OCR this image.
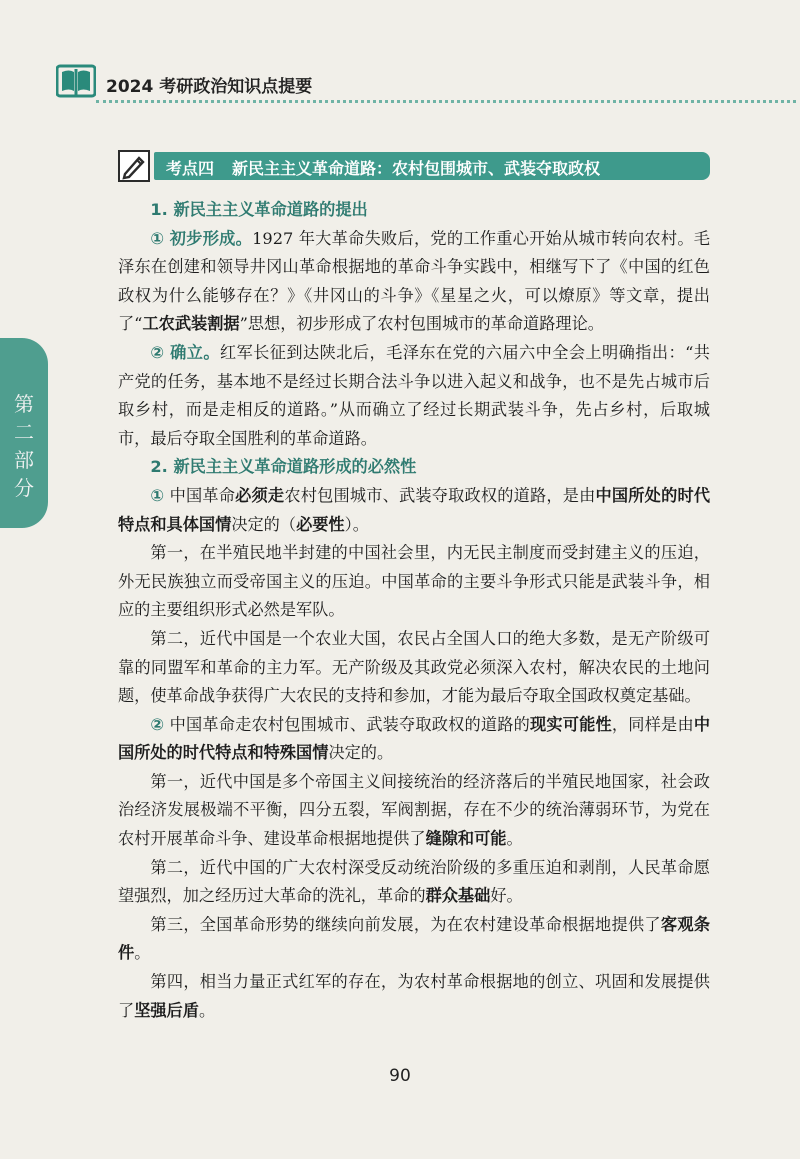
2024 考研政治知识点提要
考点四 新民主主义革命道路：农村包围城市、武装夺取政权
第二部分
1. 新民主主义革命道路的提出

① 初步形成。1927 年大革命失败后，党的工作重心开始从城市转向农村。毛泽东在创建和领导井冈山革命根据地的革命斗争实践中，相继写下了《中国的红色政权为什么能够存在？》《井冈山的斗争》《星星之火，可以燎原》等文章，提出了“工农武装割据”思想，初步形成了农村包围城市的革命道路理论。

② 确立。红军长征到达陕北后，毛泽东在党的六届六中全会上明确指出：“共产党的任务，基本地不是经过长期合法斗争以进入起义和战争，也不是先占城市后取乡村，而是走相反的道路。”从而确立了经过长期武装斗争，先占乡村，后取城市，最后夺取全国胜利的革命道路。

2. 新民主主义革命道路形成的必然性

① 中国革命必须走农村包围城市、武装夺取政权的道路，是由中国所处的时代特点和具体国情决定的（必要性）。

第一，在半殖民地半封建的中国社会里，内无民主制度而受封建主义的压迫，外无民族独立而受帝国主义的压迫。中国革命的主要斗争形式只能是武装斗争，相应的主要组织形式必然是军队。

第二，近代中国是一个农业大国，农民占全国人口的绝大多数，是无产阶级可靠的同盟军和革命的主力军。无产阶级及其政党必须深入农村，解决农民的土地问题，使革命战争获得广大农民的支持和参加，才能为最后夺取全国政权奠定基础。

② 中国革命走农村包围城市、武装夺取政权的道路的现实可能性，同样是由中国所处的时代特点和特殊国情决定的。

第一，近代中国是多个帝国主义间接统治的经济落后的半殖民地国家，社会政治经济发展极端不平衡，四分五裂，军阀割据，存在不少的统治薄弱环节，为党在农村开展革命斗争、建设革命根据地提供了缝隙和可能。

第二，近代中国的广大农村深受反动统治阶级的多重压迫和剥削，人民革命愿望强烈，加之经历过大革命的洗礼，革命的群众基础好。

第三，全国革命形势的继续向前发展，为在农村建设革命根据地提供了客观条件。

第四，相当力量正式红军的存在，为农村革命根据地的创立、巩固和发展提供了坚强后盾。

90
